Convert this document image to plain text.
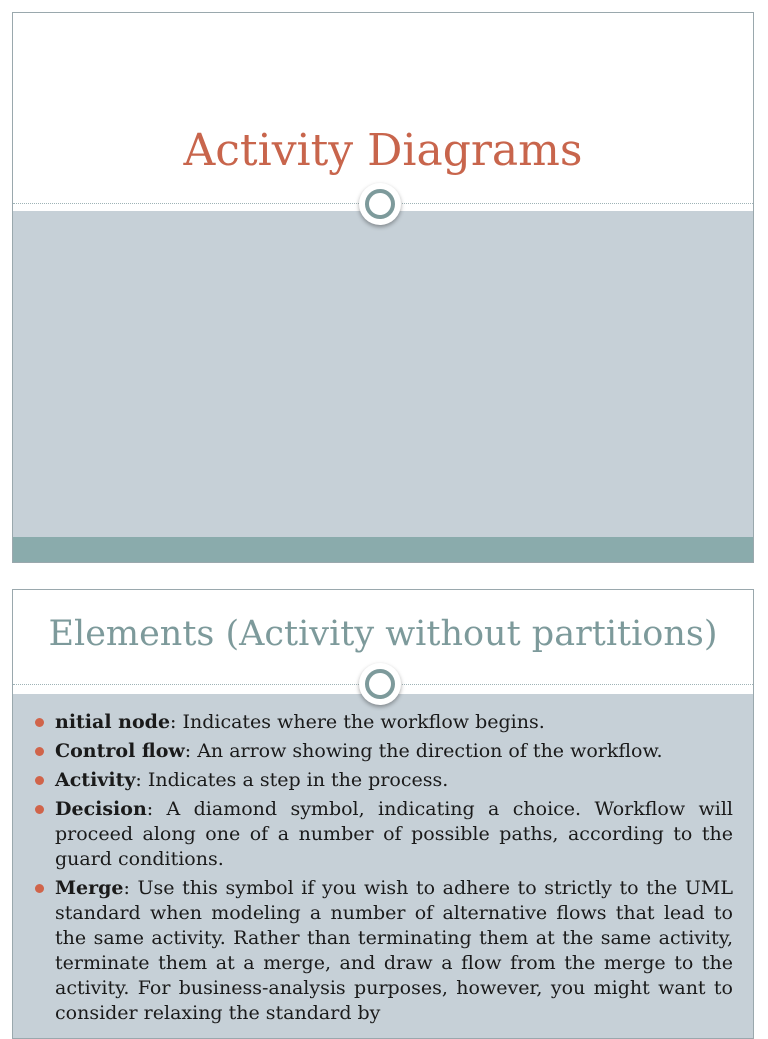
Activity Diagrams
Elements (Activity without partitions)
nitial node: Indicates where the workflow begins.
Control flow: An arrow showing the direction of the workflow.
Activity: Indicates a step in the process.
Decision: A diamond symbol, indicating a choice. Workflow will proceed along one of a number of possible paths, according to the guard conditions.
Merge: Use this symbol if you wish to adhere to strictly to the UML standard when modeling a number of alternative flows that lead to the same activity. Rather than terminating them at the same activity, terminate them at a merge, and draw a flow from the merge to the activity. For business-analysis purposes, however, you might want to consider relaxing the standard by
